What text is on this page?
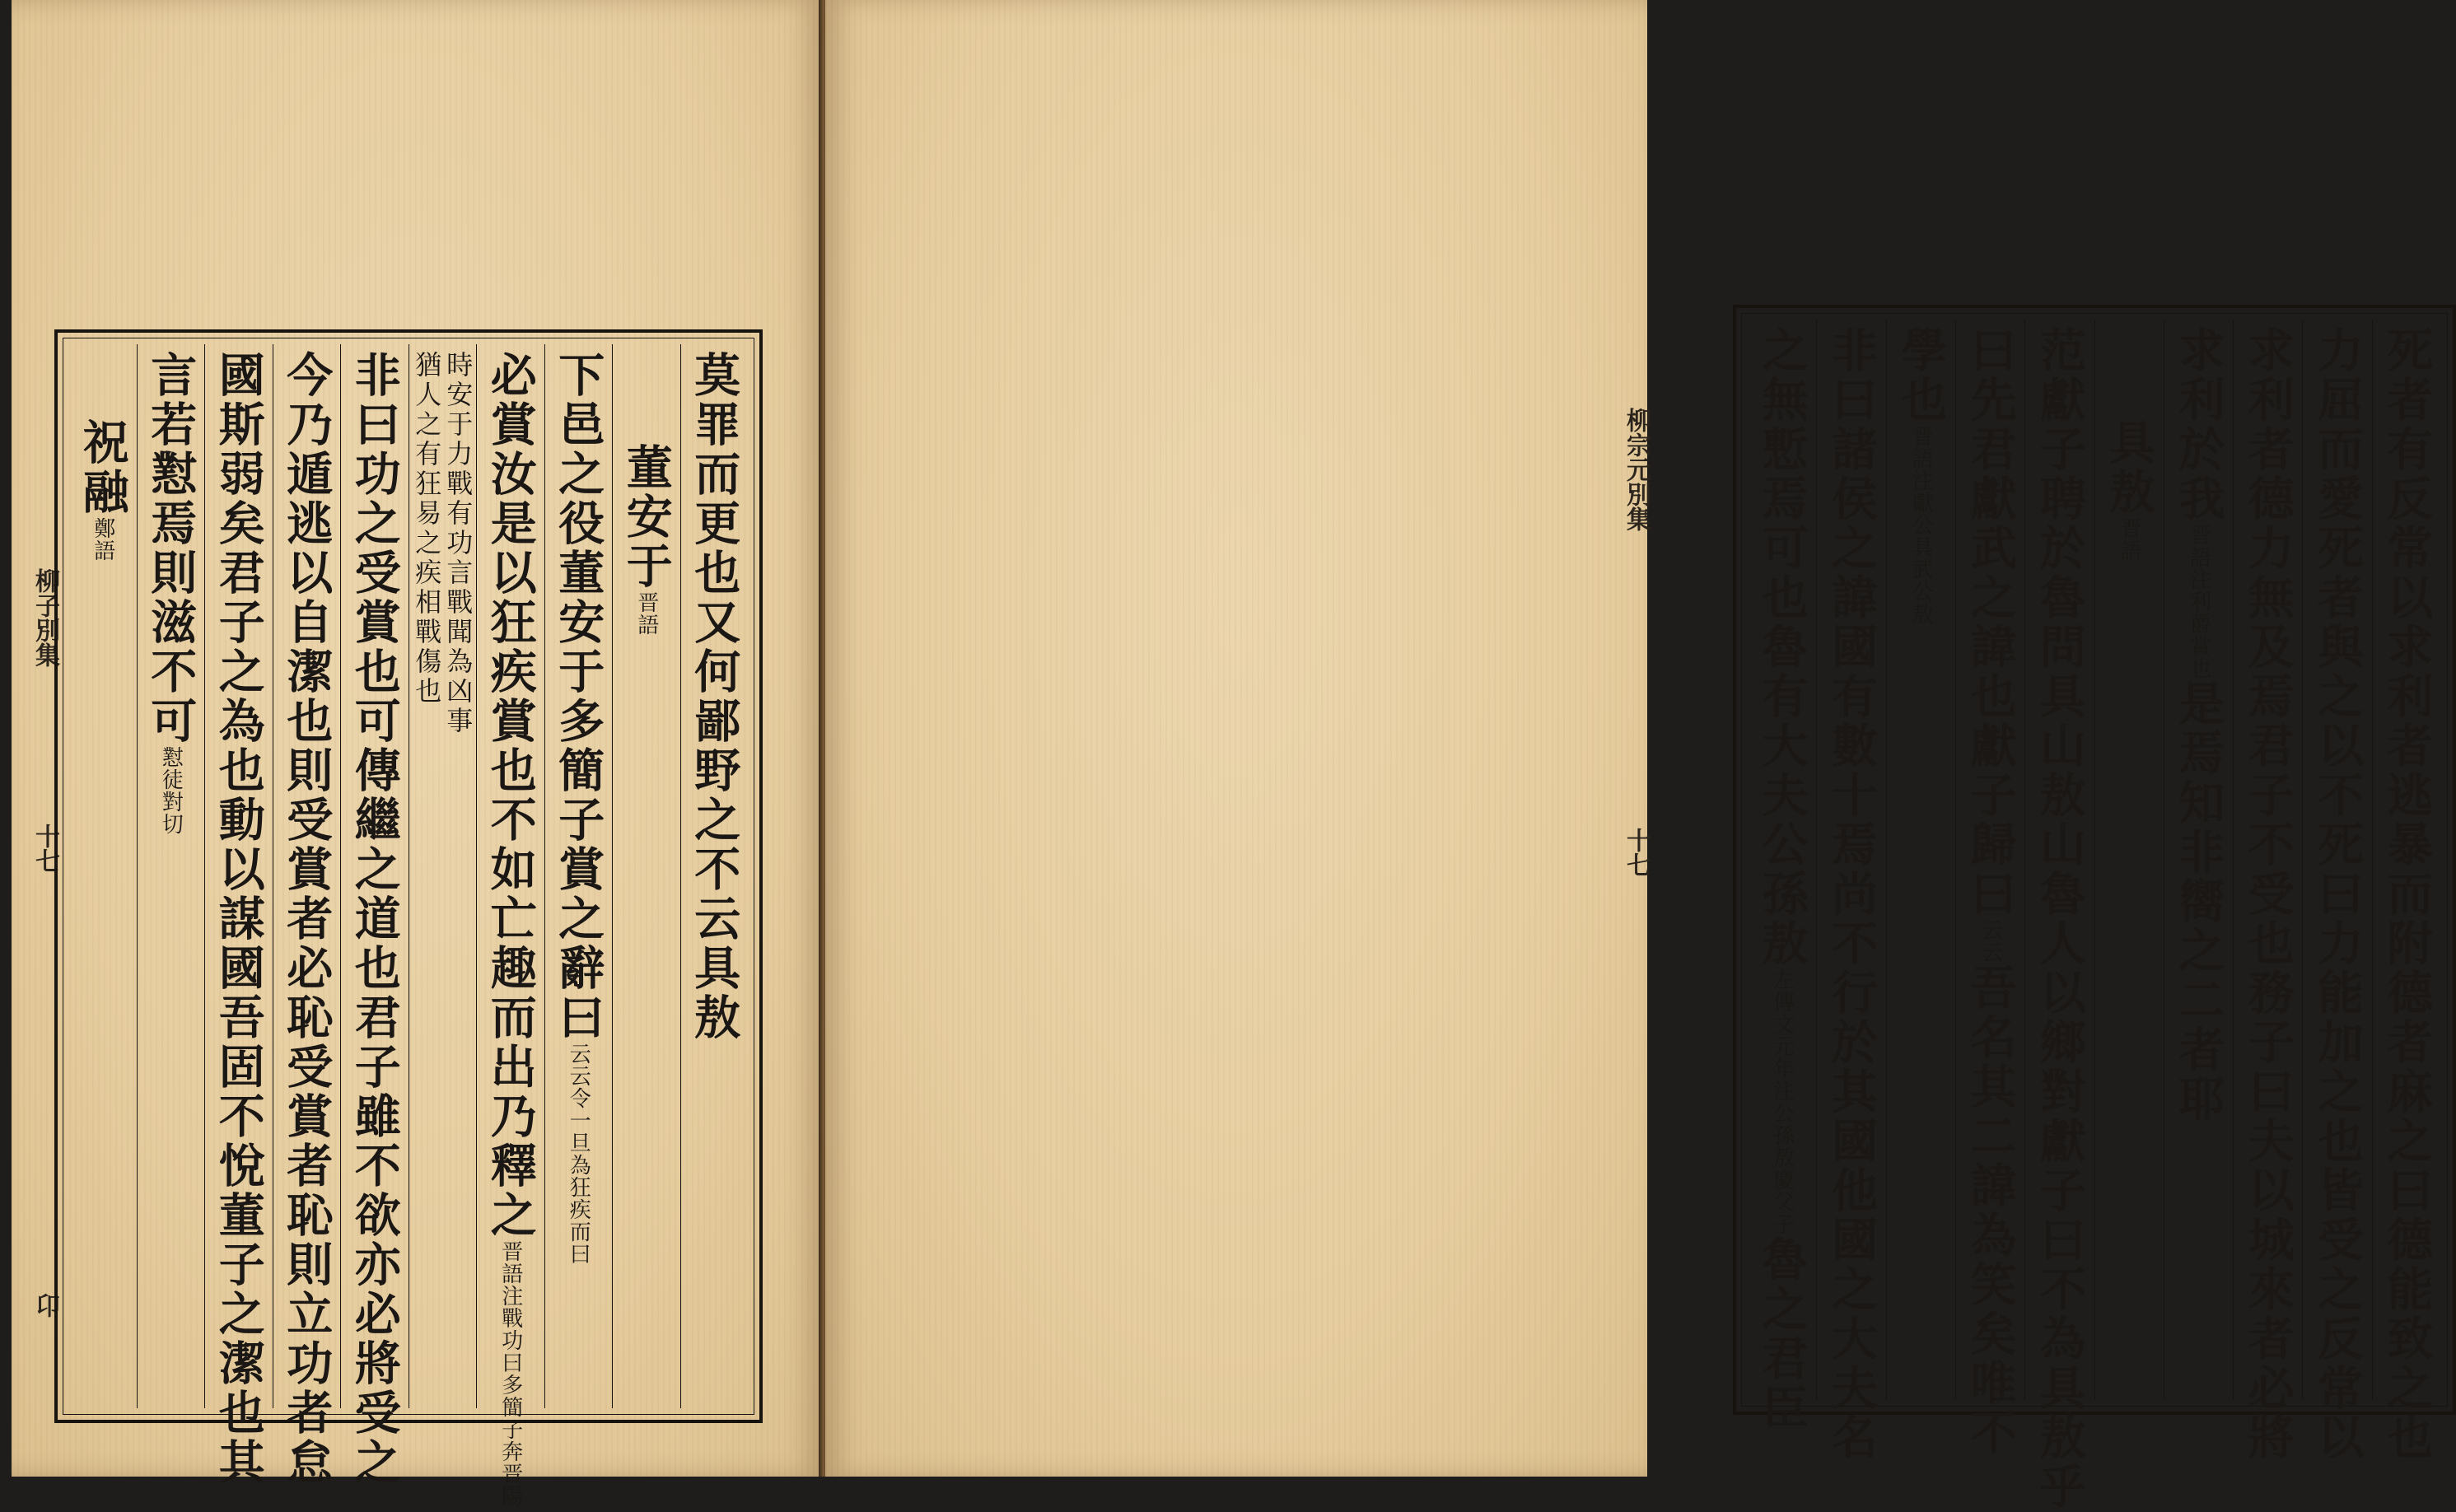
柳子別集
十七
卬
莫罪而更也又何鄙野之不云具敖
董安于晋語
下邑之役董安于多簡子賞之辭曰云云令一旦為狂疾而曰
必賞汝是以狂疾賞也不如亡趣而出乃釋之晋語注戰功曰多簡子奔晋陽
時安于力戰有功言戰聞為凶事
猶人之有狂易之疾相戰傷也
非曰功之受賞也可傳繼之道也君子雖不欲亦必將受之
今乃遁逃以自潔也則受賞者必恥受賞者恥則立功者怠
國斯弱矣君子之為也動以謀國吾固不悅董子之潔也其
言若懟焉則滋不可懟徒對切
祝融鄭語
柳宗元別集
十七	死者有反常以求利者逃暴而附德者麻之曰德能致之也
力屈而愛死者與之以不死曰力能加之也皆受之反常以
求利者德力無及焉君子不受也務子曰夫以城來者必將
求利於我晋語注利爵賞也是焉知非嚮之二者耶
具敖晋語
范獻子聘於魯問具山敖山魯人以鄉對獻子曰不為具敖乎
曰先君獻武之諱也獻子歸曰云云吾名其二諱為笑矣唯不
學也晋語注獻公具武公敖
非曰諸侯之諱國有數十焉尚不行於其國他國之大夫名
之無慙焉可也魯有大夫公孫敖左傳文元年注公孫敖慶父子魯之君臣
